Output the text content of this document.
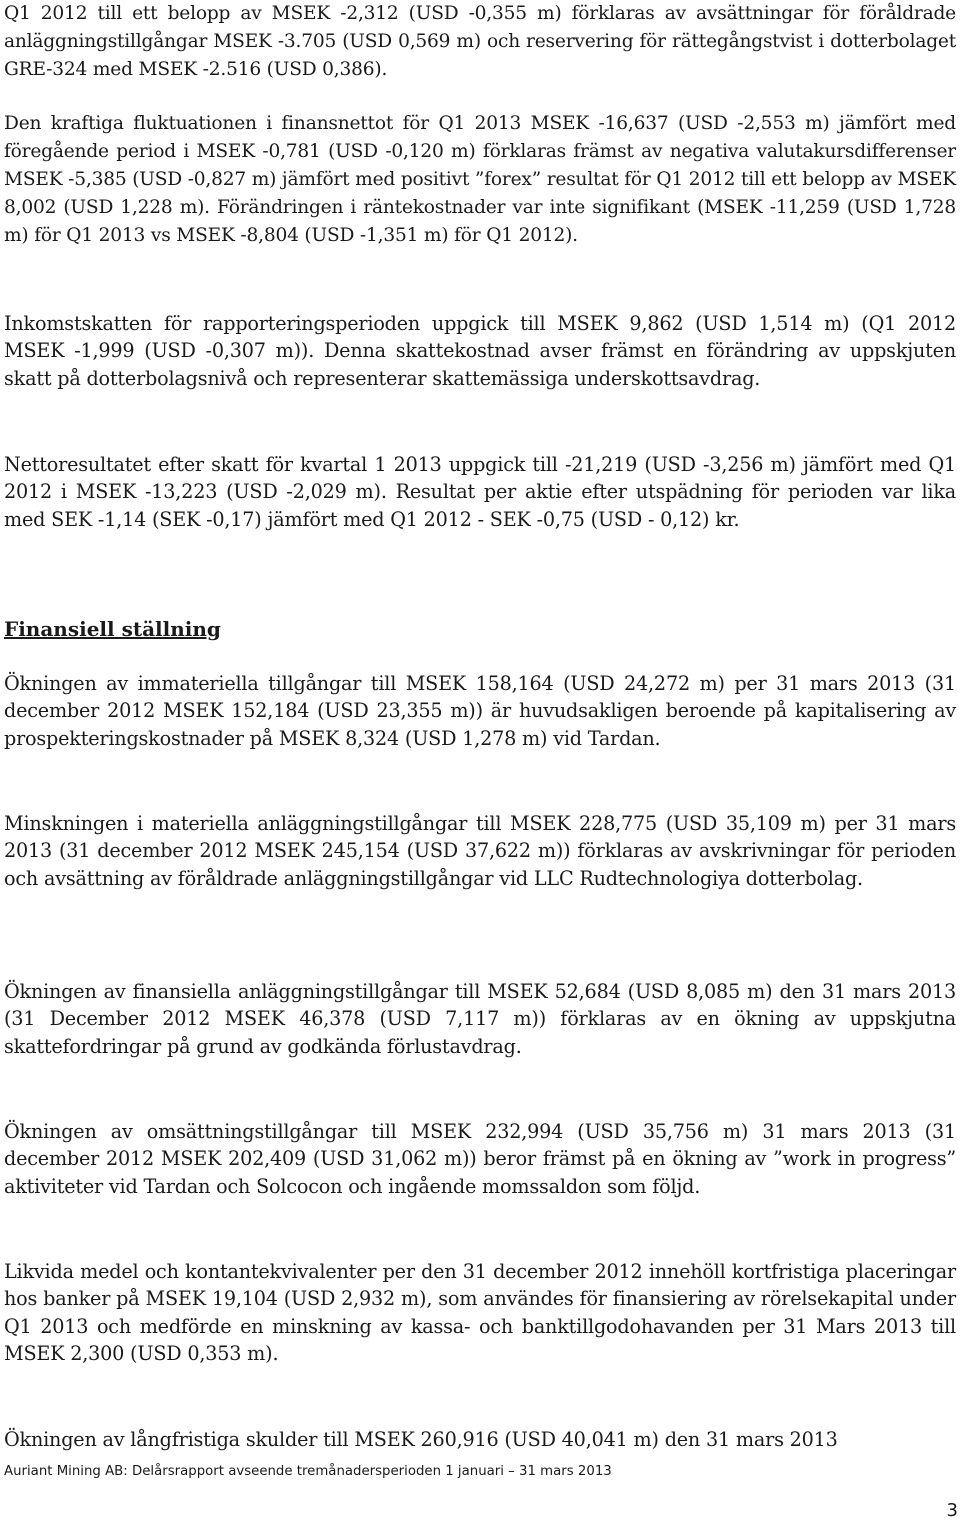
Q1 2012 till ett belopp av MSEK -2,312 (USD -0,355 m) förklaras av avsättningar för föråldrade anläggningstillgångar MSEK -3.705 (USD 0,569 m) och reservering för rättegångstvist i dotterbolaget GRE-324 med MSEK -2.516 (USD 0,386).

Den kraftiga fluktuationen i finansnettot för Q1 2013 MSEK -16,637 (USD -2,553 m) jämfört med föregående period i MSEK -0,781 (USD -0,120 m) förklaras främst av negativa valutakursdifferenser MSEK -5,385 (USD -0,827 m) jämfört med positivt ”forex” resultat för Q1 2012 till ett belopp av MSEK 8,002 (USD 1,228 m). Förändringen i räntekostnader var inte signifikant (MSEK -11,259 (USD 1,728 m) för Q1 2013 vs MSEK -8,804 (USD -1,351 m) för Q1 2012).

Inkomstskatten för rapporteringsperioden uppgick till MSEK 9,862 (USD 1,514 m) (Q1 2012 MSEK -1,999 (USD -0,307 m)). Denna skattekostnad avser främst en förändring av uppskjuten skatt på dotterbolagsnivå och representerar skattemässiga underskottsavdrag.

Nettoresultatet efter skatt för kvartal 1 2013 uppgick till -21,219 (USD -3,256 m) jämfört med Q1 2012 i MSEK -13,223 (USD -2,029 m). Resultat per aktie efter utspädning för perioden var lika med SEK -1,14 (SEK -0,17) jämfört med Q1 2012 - SEK -0,75 (USD - 0,12) kr.

Finansiell ställning

Ökningen av immateriella tillgångar till MSEK 158,164 (USD 24,272 m) per 31 mars 2013 (31 december 2012 MSEK 152,184 (USD 23,355 m)) är huvudsakligen beroende på kapitalisering av prospekteringskostnader på MSEK 8,324 (USD 1,278 m) vid Tardan.

Minskningen i materiella anläggningstillgångar till MSEK 228,775 (USD 35,109 m) per 31 mars 2013 (31 december 2012 MSEK 245,154 (USD 37,622 m)) förklaras av avskrivningar för perioden och avsättning av föråldrade anläggningstillgångar vid LLC Rudtechnologiya dotterbolag.

Ökningen av finansiella anläggningstillgångar till MSEK 52,684 (USD 8,085 m) den 31 mars 2013 (31 December 2012 MSEK 46,378 (USD 7,117 m)) förklaras av en ökning av uppskjutna skattefordringar på grund av godkända förlustavdrag.

Ökningen av omsättningstillgångar till MSEK 232,994 (USD 35,756 m) 31 mars 2013 (31 december 2012 MSEK 202,409 (USD 31,062 m)) beror främst på en ökning av ”work in progress” aktiviteter vid Tardan och Solcocon och ingående momssaldon som följd.

Likvida medel och kontantekvivalenter per den 31 december 2012 innehöll kortfristiga placeringar hos banker på MSEK 19,104 (USD 2,932 m), som användes för finansiering av rörelsekapital under Q1 2013 och medförde en minskning av kassa- och banktillgodohavanden per 31 Mars 2013 till MSEK 2,300 (USD 0,353 m).

Ökningen av långfristiga skulder till MSEK 260,916 (USD 40,041 m) den 31 mars 2013

Auriant Mining AB: Delårsrapport avseende tremånadersperioden 1 januari – 31 mars 2013
3
